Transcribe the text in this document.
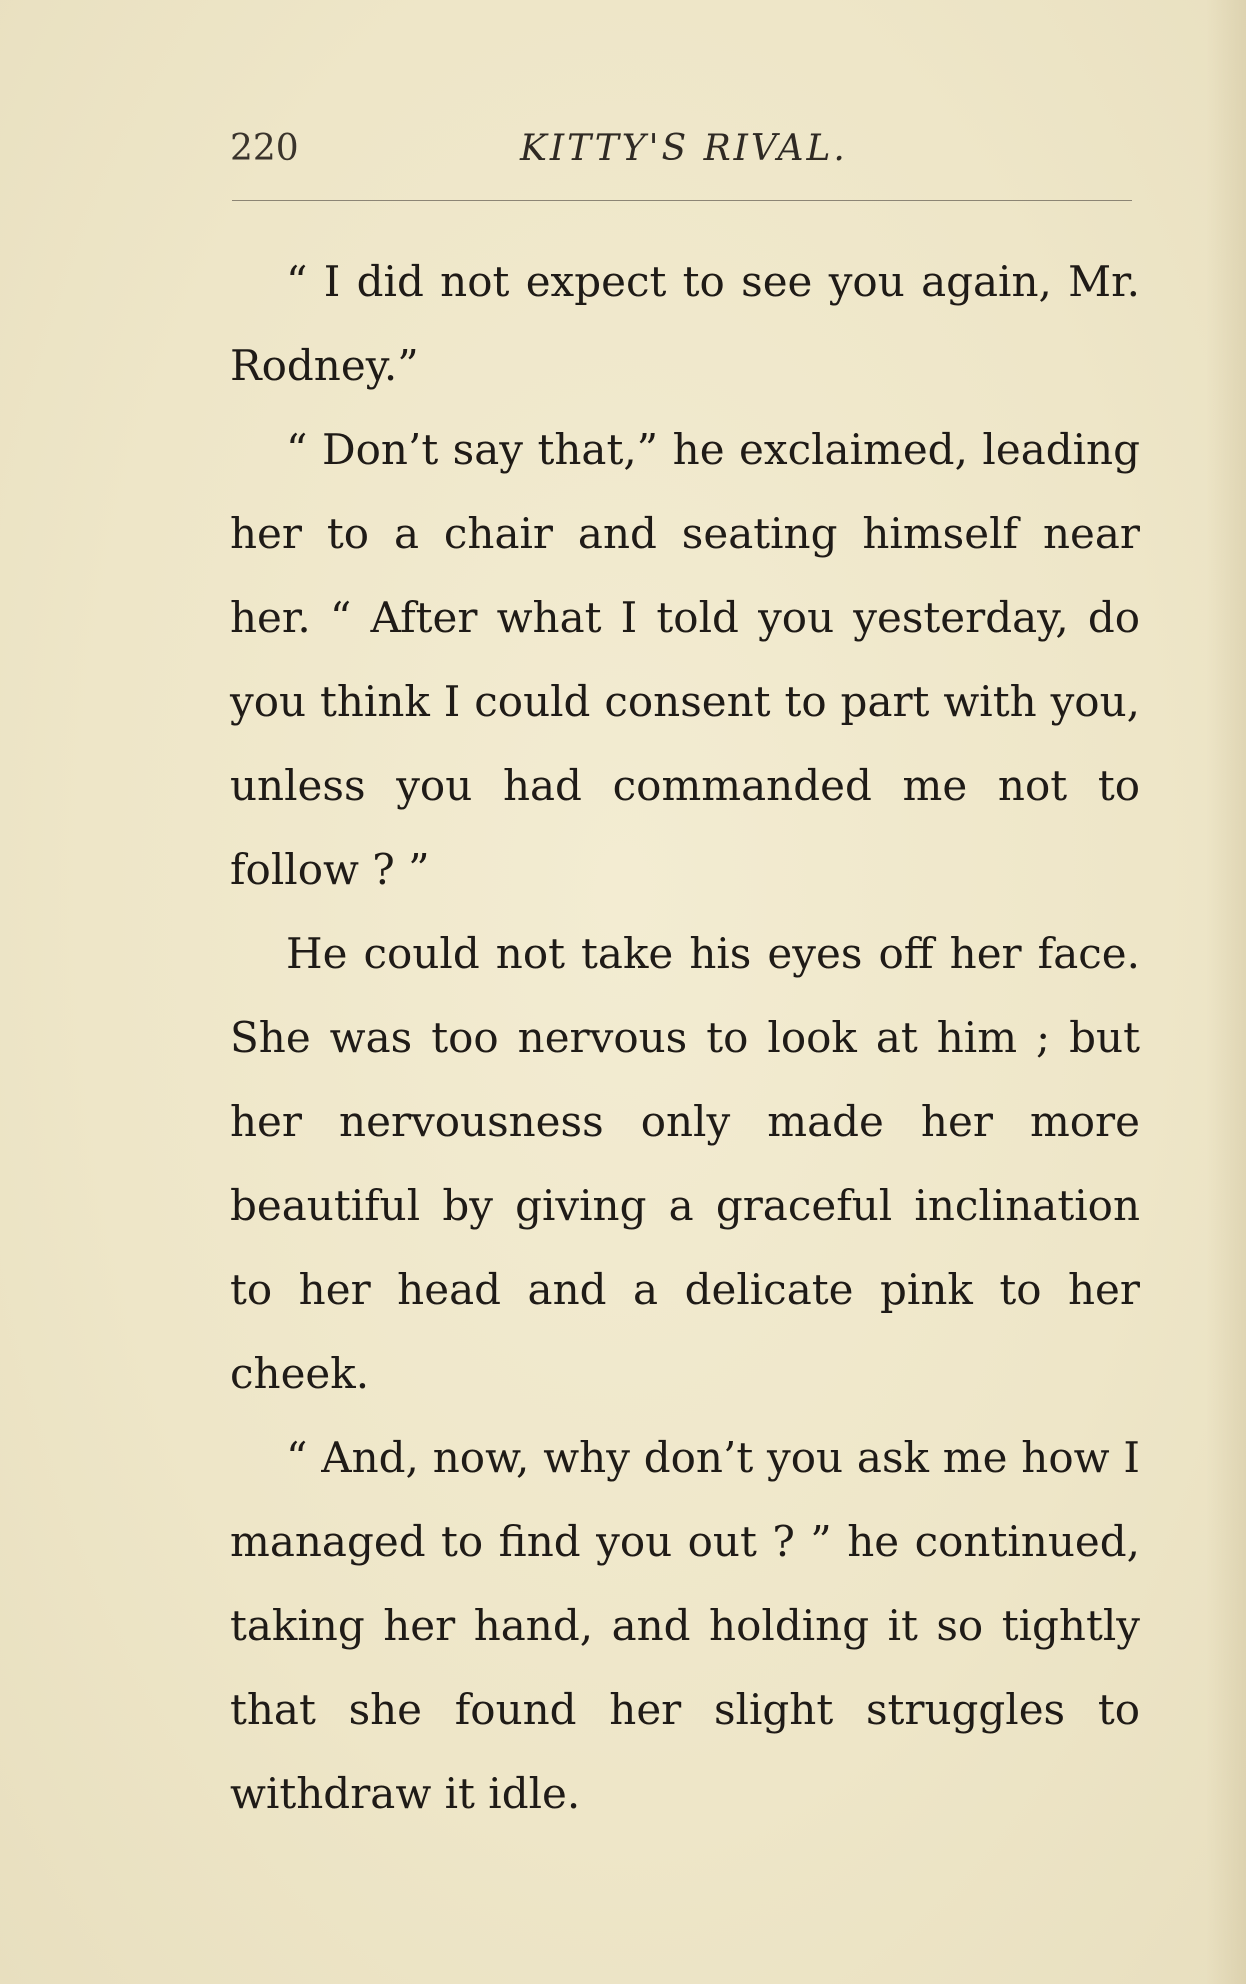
220	KITTY'S RIVAL.

“ I did not expect to see you again, Mr. Rodney.”

“ Don’t say that,” he exclaimed, leading her to a chair and seating himself near her. “ After what I told you yesterday, do you think I could consent to part with you, unless you had commanded me not to follow ? ”

He could not take his eyes off her face. She was too nervous to look at him ; but her nervousness only made her more beautiful by giving a graceful inclination to her head and a delicate pink to her cheek.

“ And, now, why don’t you ask me how I managed to find you out ? ” he continued, taking her hand, and holding it so tightly that she found her slight struggles to withdraw it idle.
